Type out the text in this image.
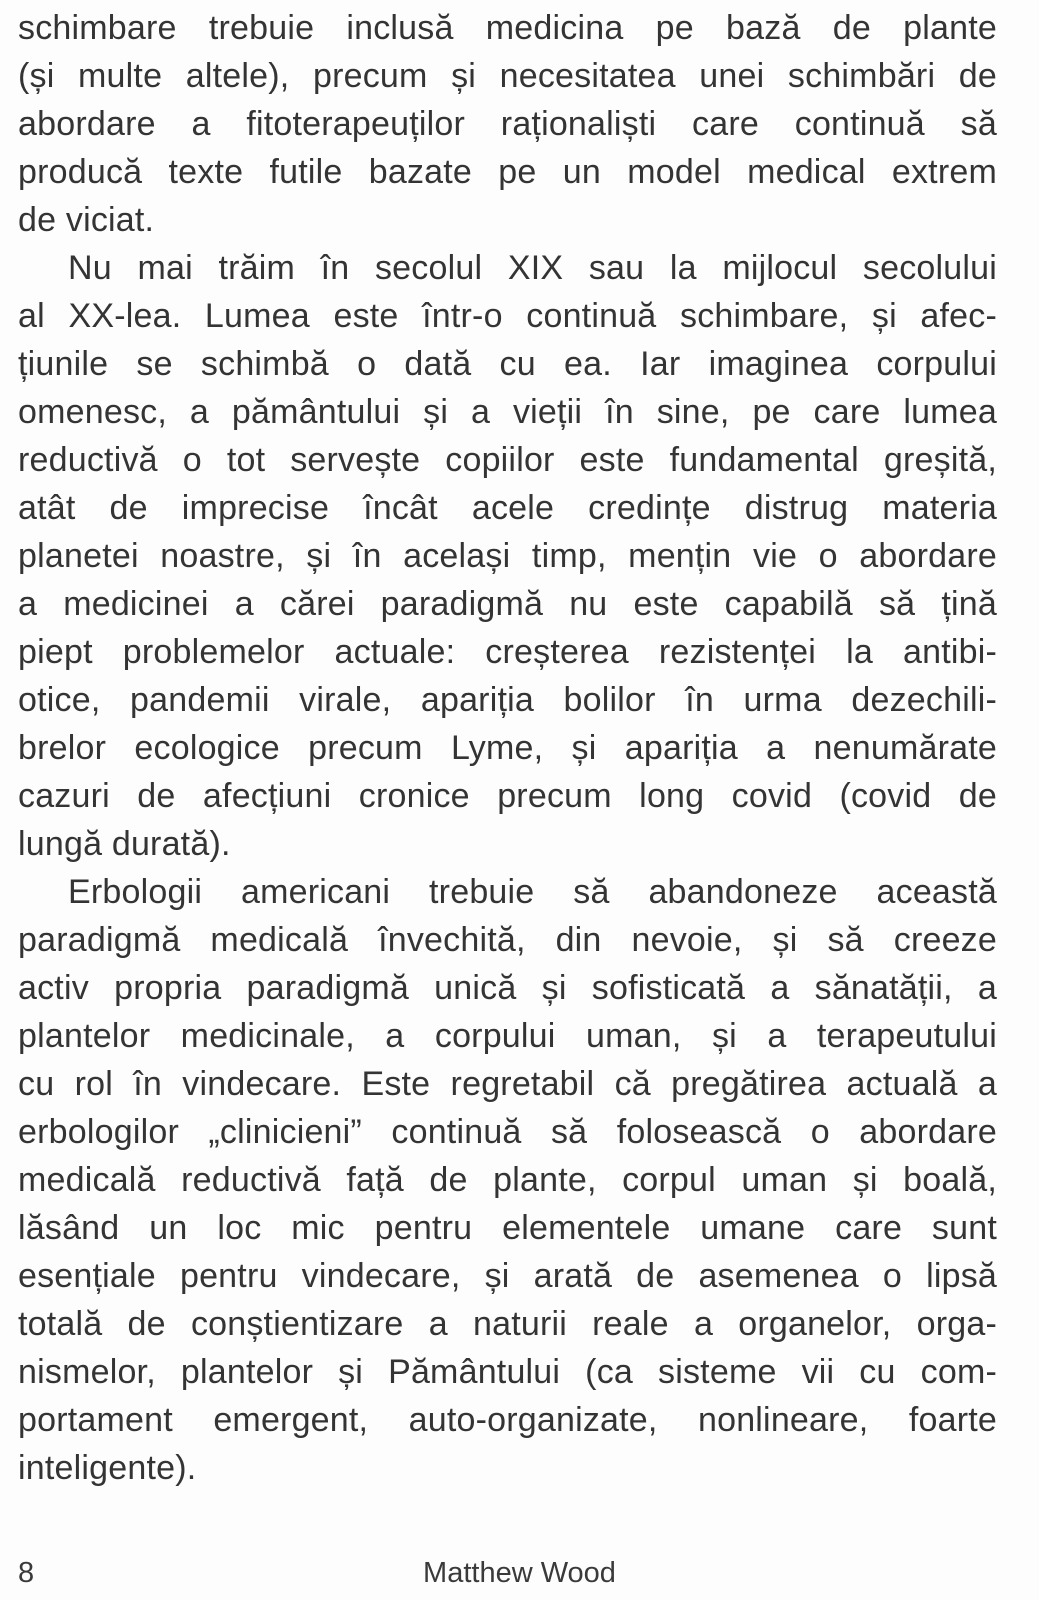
schimbare trebuie inclusă medicina pe bază de plante
(și multe altele), precum și necesitatea unei schimbări de
abordare a fitoterapeuților raționaliști care continuă să
producă texte futile bazate pe un model medical extrem
de viciat.

Nu mai trăim în secolul XIX sau la mijlocul secolului
al XX-lea. Lumea este într-o continuă schimbare, și afec-
țiunile se schimbă o dată cu ea. Iar imaginea corpului
omenesc, a pământului și a vieții în sine, pe care lumea
reductivă o tot servește copiilor este fundamental greșită,
atât de imprecise încât acele credințe distrug materia
planetei noastre, și în același timp, mențin vie o abordare
a medicinei a cărei paradigmă nu este capabilă să țină
piept problemelor actuale: creșterea rezistenței la antibi-
otice, pandemii virale, apariția bolilor în urma dezechili-
brelor ecologice precum Lyme, și apariția a nenumărate
cazuri de afecțiuni cronice precum long covid (covid de
lungă durată).

Erbologii americani trebuie să abandoneze această
paradigmă medicală învechită, din nevoie, și să creeze
activ propria paradigmă unică și sofisticată a sănatății, a
plantelor medicinale, a corpului uman, și a terapeutului
cu rol în vindecare. Este regretabil că pregătirea actuală a
erbologilor „clinicieni” continuă să folosească o abordare
medicală reductivă față de plante, corpul uman și boală,
lăsând un loc mic pentru elementele umane care sunt
esențiale pentru vindecare, și arată de asemenea o lipsă
totală de conștientizare a naturii reale a organelor, orga-
nismelor, plantelor și Pământului (ca sisteme vii cu com-
portament emergent, auto-organizate, nonlineare, foarte
inteligente).

8	Matthew Wood
